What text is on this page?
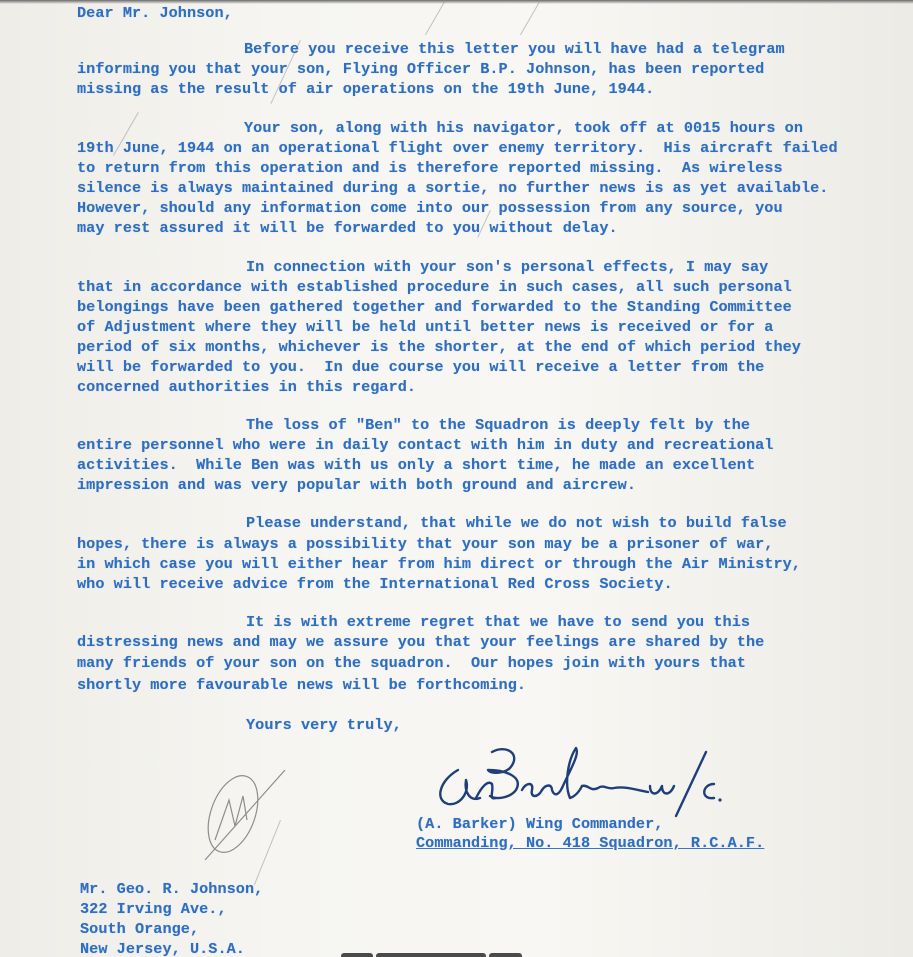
Dear Mr. Johnson,
Before you receive this letter you will have had a telegram
informing you that your son, Flying Officer B.P. Johnson, has been reported
missing as the result of air operations on the 19th June, 1944.
Your son, along with his navigator, took off at 0015 hours on
19th June, 1944 on an operational flight over enemy territory.  His aircraft failed
to return from this operation and is therefore reported missing.  As wireless
silence is always maintained during a sortie, no further news is as yet available.
However, should any information come into our possession from any source, you
may rest assured it will be forwarded to you without delay.
In connection with your son's personal effects, I may say
that in accordance with established procedure in such cases, all such personal
belongings have been gathered together and forwarded to the Standing Committee
of Adjustment where they will be held until better news is received or for a
period of six months, whichever is the shorter, at the end of which period they
will be forwarded to you.  In due course you will receive a letter from the
concerned authorities in this regard.
The loss of "Ben" to the Squadron is deeply felt by the
entire personnel who were in daily contact with him in duty and recreational
activities.  While Ben was with us only a short time, he made an excellent
impression and was very popular with both ground and aircrew.
Please understand, that while we do not wish to build false
hopes, there is always a possibility that your son may be a prisoner of war,
in which case you will either hear from him direct or through the Air Ministry,
who will receive advice from the International Red Cross Society.
It is with extreme regret that we have to send you this
distressing news and may we assure you that your feelings are shared by the
many friends of your son on the squadron.  Our hopes join with yours that
shortly more favourable news will be forthcoming.
Yours very truly,
(A. Barker) Wing Commander,
Commanding, No. 418 Squadron, R.C.A.F.
Mr. Geo. R. Johnson,
322 Irving Ave.,
South Orange,
New Jersey, U.S.A.
